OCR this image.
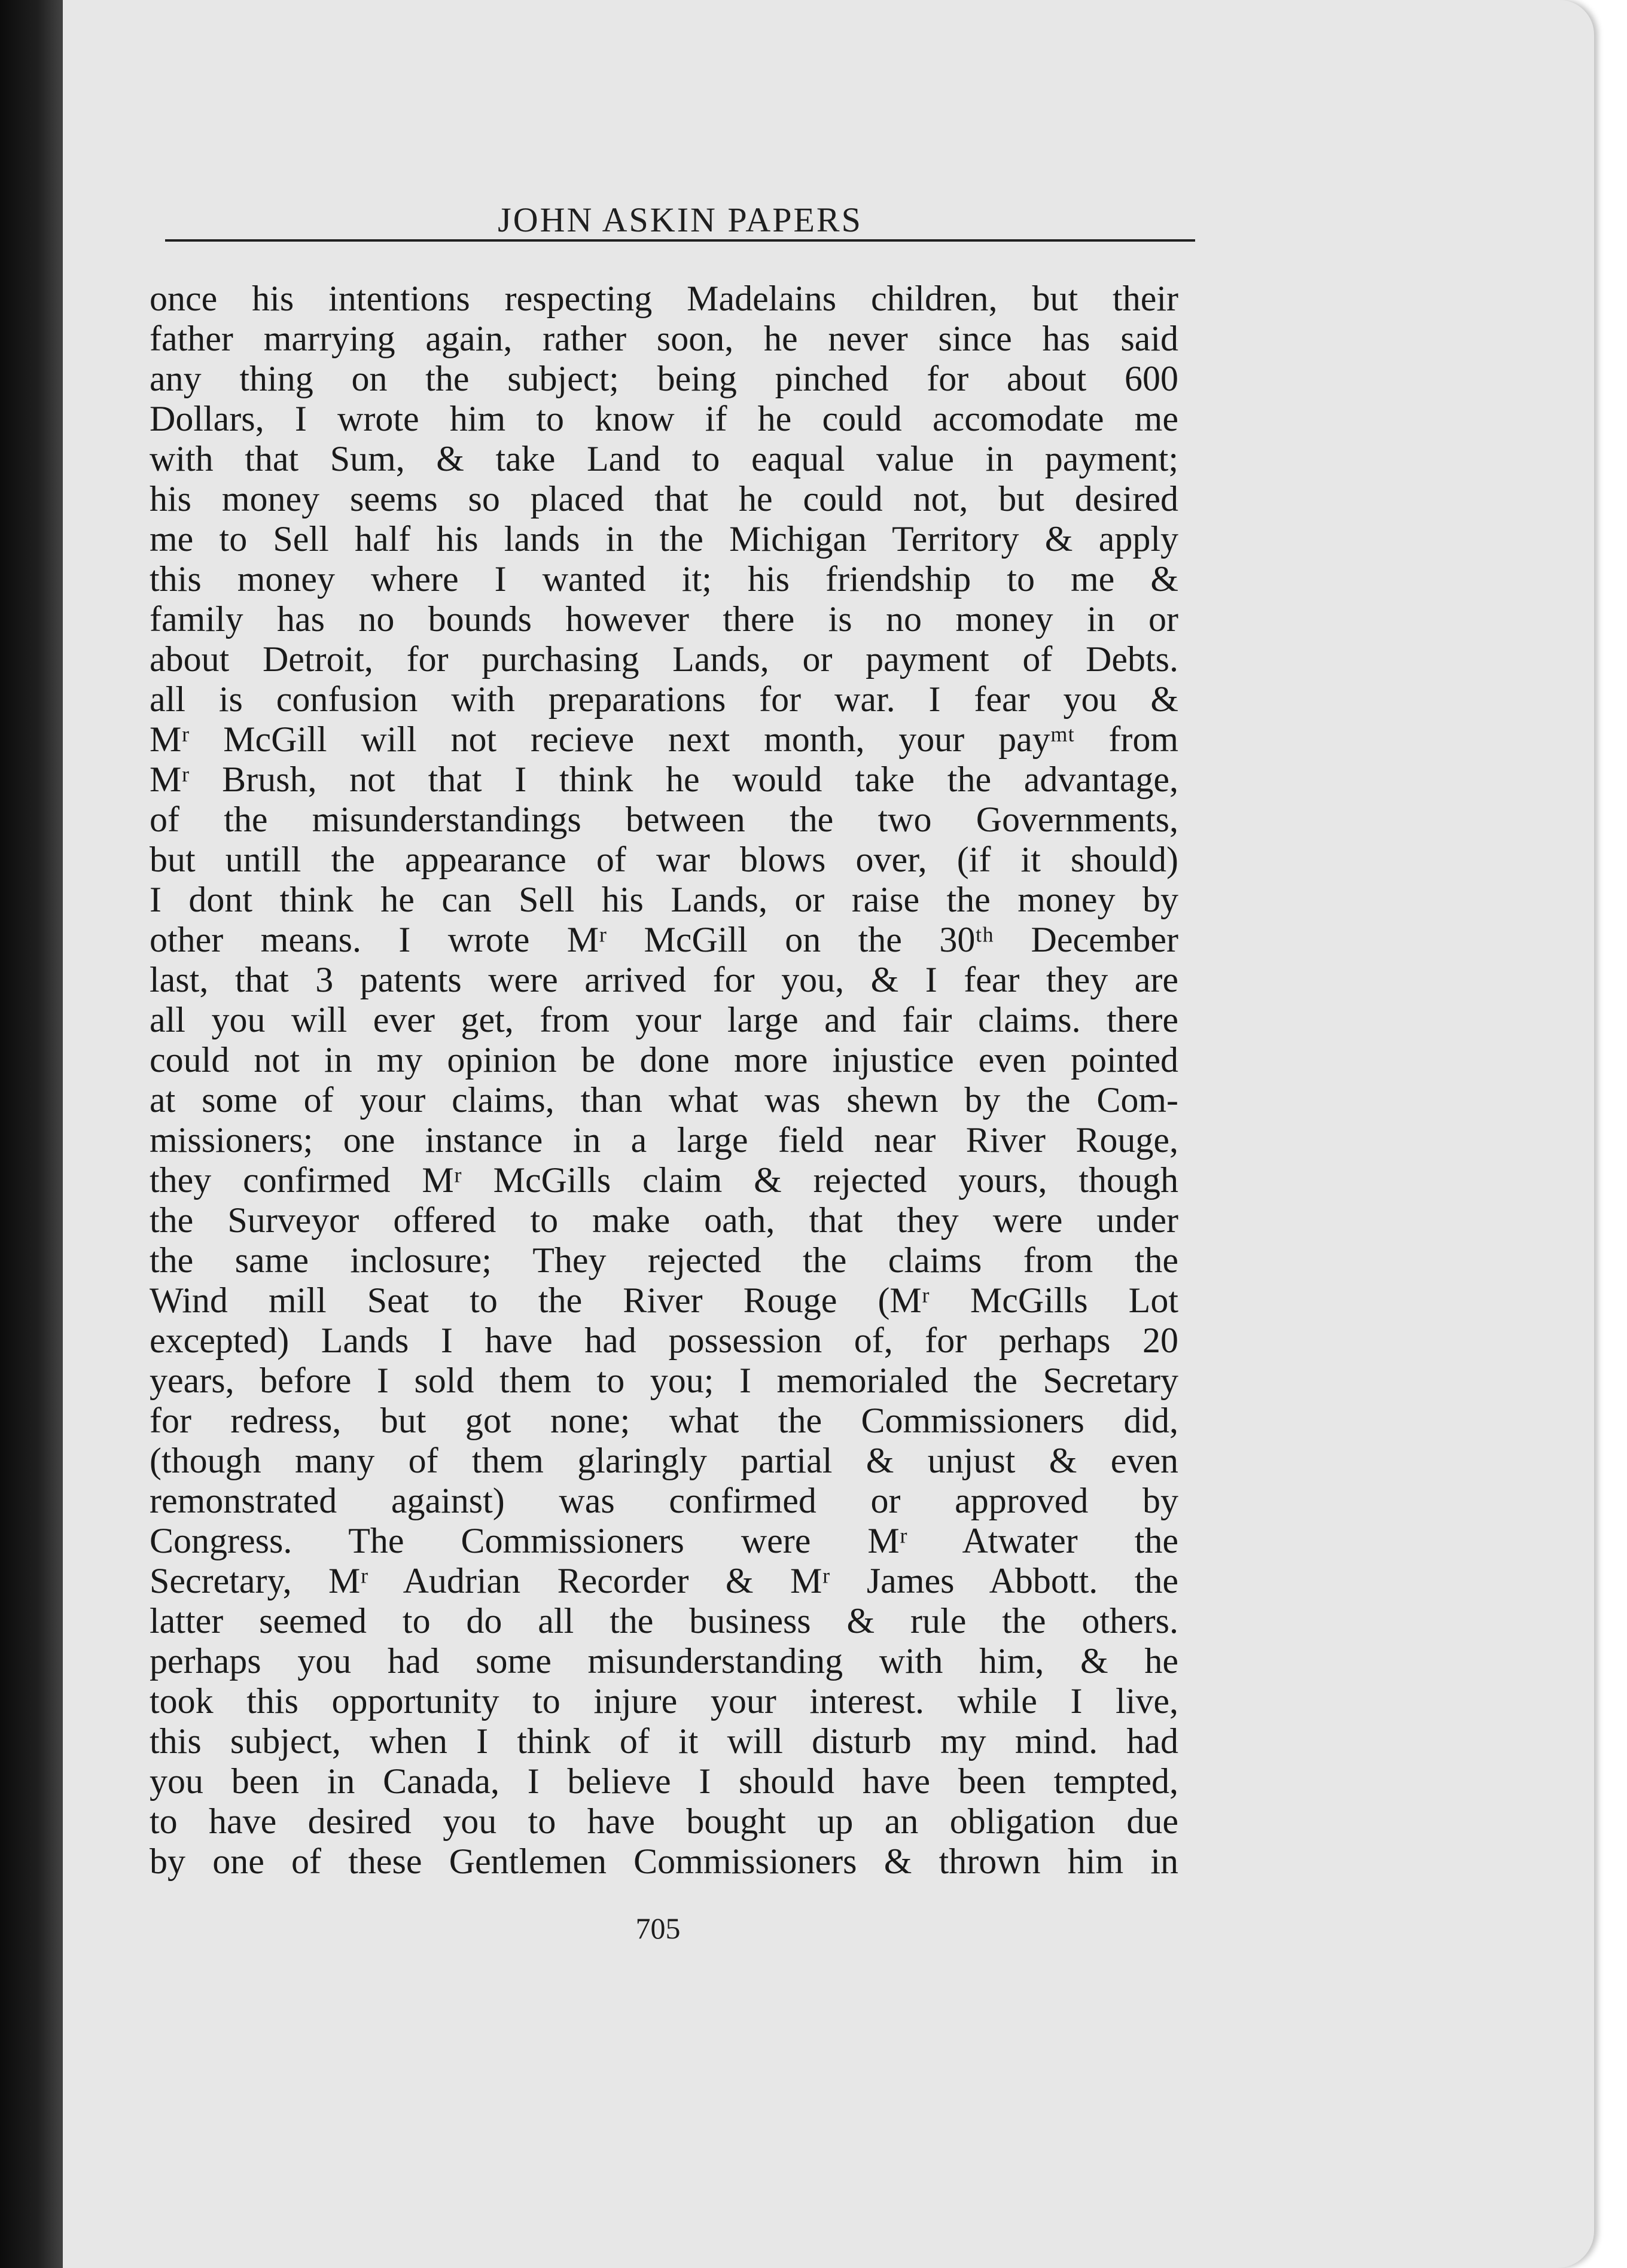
JOHN ASKIN PAPERS
once his intentions respecting Madelains children, but their
father marrying again, rather soon, he never since has said
any thing on the subject; being pinched for about 600
Dollars, I wrote him to know if he could accomodate me
with that Sum, & take Land to eaqual value in payment;
his money seems so placed that he could not, but desired
me to Sell half his lands in the Michigan Territory & apply
this money where I wanted it; his friendship to me &
family has no bounds however there is no money in or
about Detroit, for purchasing Lands, or payment of Debts.
all is confusion with preparations for war. I fear you &
Mʳ McGill will not recieve next month, your payᵐᵗ from
Mʳ Brush, not that I think he would take the advantage,
of the misunderstandings between the two Governments,
but untill the appearance of war blows over, (if it should)
I dont think he can Sell his Lands, or raise the money by
other means. I wrote Mʳ McGill on the 30ᵗʰ December
last, that 3 patents were arrived for you, & I fear they are
all you will ever get, from your large and fair claims. there
could not in my opinion be done more injustice even pointed
at some of your claims, than what was shewn by the Com-
missioners; one instance in a large field near River Rouge,
they confirmed Mʳ McGills claim & rejected yours, though
the Surveyor offered to make oath, that they were under
the same inclosure; They rejected the claims from the
Wind mill Seat to the River Rouge (Mʳ McGills Lot
excepted) Lands I have had possession of, for perhaps 20
years, before I sold them to you; I memorialed the Secretary
for redress, but got none; what the Commissioners did,
(though many of them glaringly partial & unjust & even
remonstrated against) was confirmed or approved by
Congress. The Commissioners were Mʳ Atwater the
Secretary, Mʳ Audrian Recorder & Mʳ James Abbott. the
latter seemed to do all the business & rule the others.
perhaps you had some misunderstanding with him, & he
took this opportunity to injure your interest. while I live,
this subject, when I think of it will disturb my mind. had
you been in Canada, I believe I should have been tempted,
to have desired you to have bought up an obligation due
by one of these Gentlemen Commissioners & thrown him in

705
